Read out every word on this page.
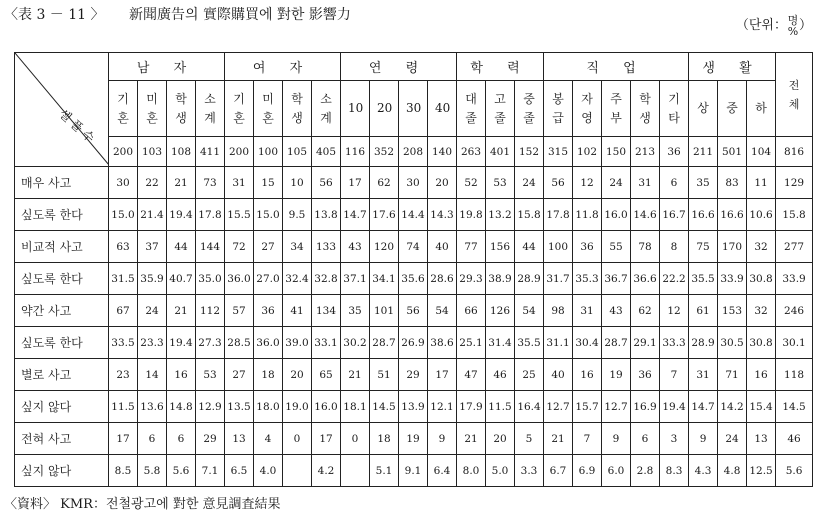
〈表 3 － 11 〉 新聞廣告의 實際購買에 對한 影響力
（단위：명
%）
셀 플 수	남 자				여 자				연 령				학 력			직 업					생 활			전 체
	기 혼	미 혼	학 생	소 계	기 혼	미 혼	학 생	소 계	10	20	30	40	대 졸	고 졸	중 졸	봉 급	자 영	주 부	학 생	기 타	상	중	하	
	200	103	108	411	200	100	105	405	116	352	208	140	263	401	152	315	102	150	213	36	211	501	104	816
매우 사고	30	22	21	73	31	15	10	56	17	62	30	20	52	53	24	56	12	24	31	6	35	83	11	129
싶도록 한다	15.0	21.4	19.4	17.8	15.5	15.0	9.5	13.8	14.7	17.6	14.4	14.3	19.8	13.2	15.8	17.8	11.8	16.0	14.6	16.7	16.6	16.6	10.6	15.8
비교적 사고	63	37	44	144	72	27	34	133	43	120	74	40	77	156	44	100	36	55	78	8	75	170	32	277
싶도록 한다	31.5	35.9	40.7	35.0	36.0	27.0	32.4	32.8	37.1	34.1	35.6	28.6	29.3	38.9	28.9	31.7	35.3	36.7	36.6	22.2	35.5	33.9	30.8	33.9
약간 사고	67	24	21	112	57	36	41	134	35	101	56	54	66	126	54	98	31	43	62	12	61	153	32	246
싶도록 한다	33.5	23.3	19.4	27.3	28.5	36.0	39.0	33.1	30.2	28.7	26.9	38.6	25.1	31.4	35.5	31.1	30.4	28.7	29.1	33.3	28.9	30.5	30.8	30.1
별로 사고	23	14	16	53	27	18	20	65	21	51	29	17	47	46	25	40	16	19	36	7	31	71	16	118
싶지 않다	11.5	13.6	14.8	12.9	13.5	18.0	19.0	16.0	18.1	14.5	13.9	12.1	17.9	11.5	16.4	12.7	15.7	12.7	16.9	19.4	14.7	14.2	15.4	14.5
전혀 사고	17	6	6	29	13	4	0	17	0	18	19	9	21	20	5	21	7	9	6	3	9	24	13	46
싶지 않다	8.5	5.8	5.6	7.1	6.5	4.0		4.2		5.1	9.1	6.4	8.0	5.0	3.3	6.7	6.9	6.0	2.8	8.3	4.3	4.8	12.5	5.6
〈資料〉 KMR：전철광고에 對한 意見調査結果
